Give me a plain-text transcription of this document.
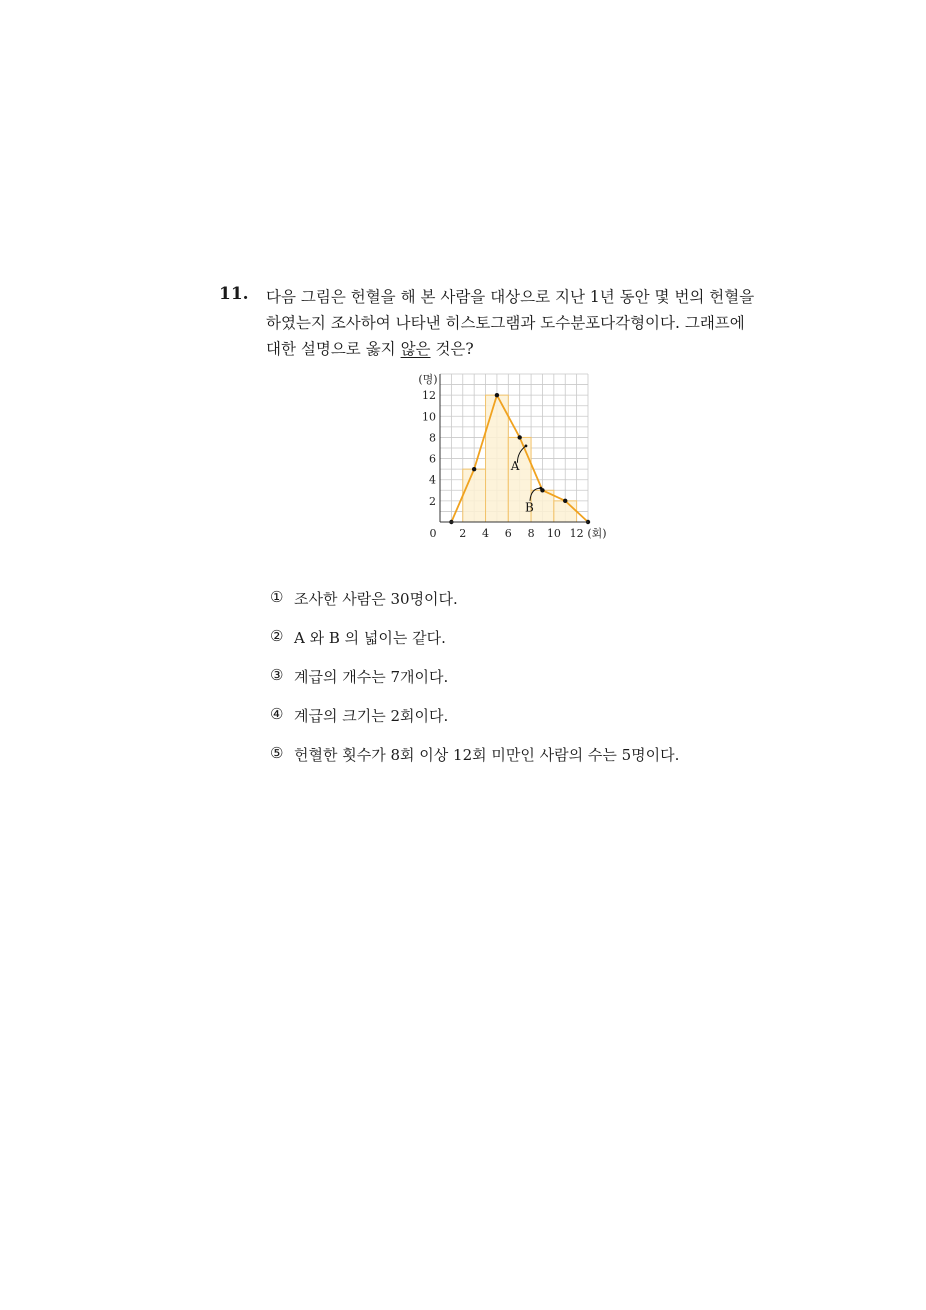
11. 다음 그림은 헌혈을 해 본 사람을 대상으로 지난 1년 동안 몇 번의 헌혈을
하였는지 조사하여 나타낸 히스토그램과 도수분포다각형이다. 그래프에
대한 설명으로 옳지 않은 것은?
2 4 6 8 10 12
2
4
6
8
10
12
0	(회)
(명)
A
B
① 조사한 사람은 30명이다.
② A 와 B 의 넓이는 같다.
③ 계급의 개수는 7개이다.
④ 계급의 크기는 2회이다.
⑤ 헌혈한 횟수가 8회 이상 12회 미만인 사람의 수는 5명이다.
